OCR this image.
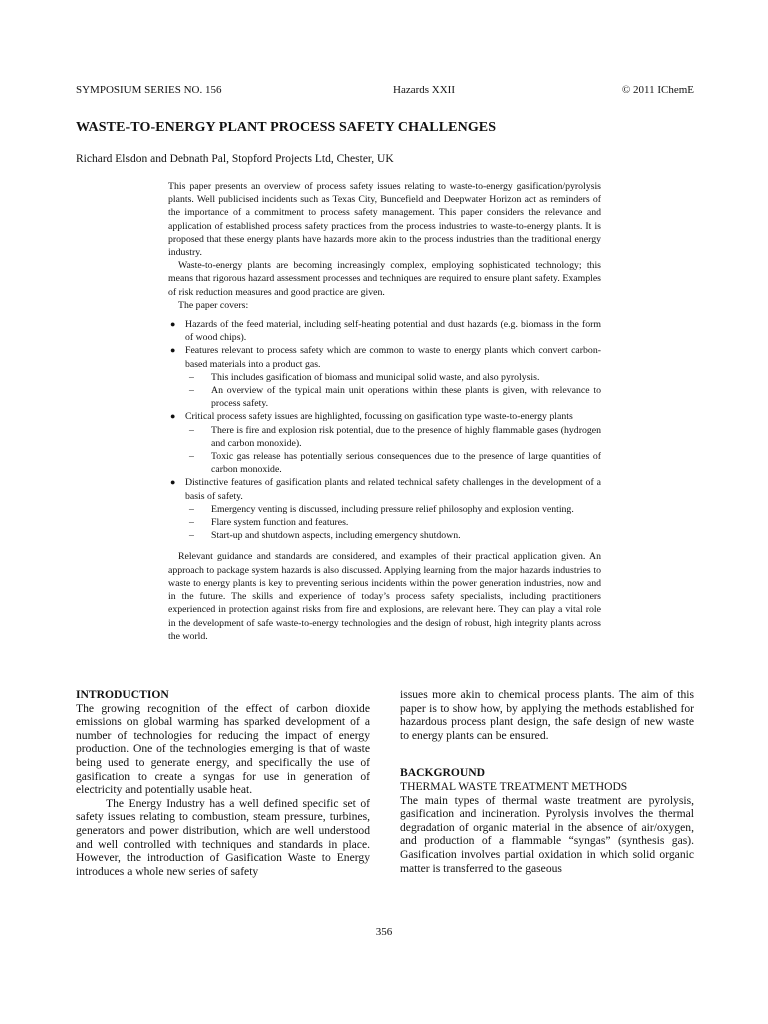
SYMPOSIUM SERIES NO. 156	Hazards XXII	© 2011 IChemE
WASTE-TO-ENERGY PLANT PROCESS SAFETY CHALLENGES
Richard Elsdon and Debnath Pal, Stopford Projects Ltd, Chester, UK

This paper presents an overview of process safety issues relating to waste-to-energy gasification/pyrolysis plants. Well publicised incidents such as Texas City, Buncefield and Deepwater Horizon act as reminders of the importance of a commitment to process safety management. This paper considers the relevance and application of established process safety practices from the process industries to waste-to-energy plants. It is proposed that these energy plants have hazards more akin to the process industries than the traditional energy industry.

Waste-to-energy plants are becoming increasingly complex, employing sophisticated technology; this means that rigorous hazard assessment processes and techniques are required to ensure plant safety. Examples of risk reduction measures and good practice are given.

The paper covers:

● Hazards of the feed material, including self-heating potential and dust hazards (e.g. biomass in the form of wood chips).
● Features relevant to process safety which are common to waste to energy plants which convert carbon-based materials into a product gas.
– This includes gasification of biomass and municipal solid waste, and also pyrolysis.
– An overview of the typical main unit operations within these plants is given, with relevance to process safety.
● Critical process safety issues are highlighted, focussing on gasification type waste-to-energy plants
– There is fire and explosion risk potential, due to the presence of highly flammable gases (hydrogen and carbon monoxide).
– Toxic gas release has potentially serious consequences due to the presence of large quantities of carbon monoxide.
● Distinctive features of gasification plants and related technical safety challenges in the development of a basis of safety.
– Emergency venting is discussed, including pressure relief philosophy and explosion venting.
– Flare system function and features.
– Start-up and shutdown aspects, including emergency shutdown.

Relevant guidance and standards are considered, and examples of their practical application given. An approach to package system hazards is also discussed. Applying learning from the major hazards industries to waste to energy plants is key to preventing serious incidents within the power generation industries, now and in the future. The skills and experience of today’s process safety specialists, including practitioners experienced in protection against risks from fire and explosions, are relevant here. They can play a vital role in the development of safe waste-to-energy technologies and the design of robust, high integrity plants across the world.

INTRODUCTION

The growing recognition of the effect of carbon dioxide emissions on global warming has sparked development of a number of technologies for reducing the impact of energy production. One of the technologies emerging is that of waste being used to generate energy, and specifically the use of gasification to create a syngas for use in generation of electricity and potentially usable heat.

The Energy Industry has a well defined specific set of safety issues relating to combustion, steam pressure, turbines, generators and power distribution, which are well understood and well controlled with techniques and standards in place. However, the introduction of Gasification Waste to Energy introduces a whole new series of safety

issues more akin to chemical process plants. The aim of this paper is to show how, by applying the methods established for hazardous process plant design, the safe design of new waste to energy plants can be ensured.

BACKGROUND
THERMAL WASTE TREATMENT METHODS

The main types of thermal waste treatment are pyrolysis, gasification and incineration. Pyrolysis involves the thermal degradation of organic material in the absence of air/oxygen, and production of a flammable “syngas” (synthesis gas). Gasification involves partial oxidation in which solid organic matter is transferred to the gaseous

356
